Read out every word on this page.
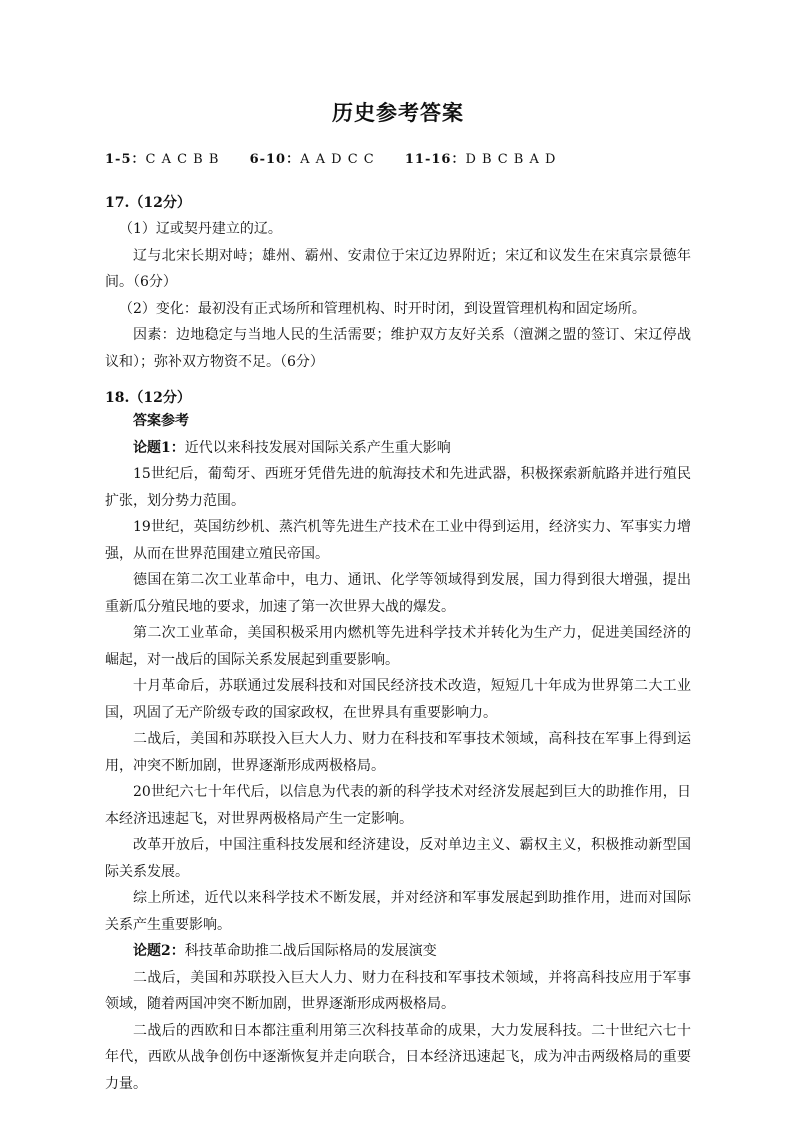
历史参考答案
1-5：C A C B B 6-10：A A D C C 11-16：D B C B A D
17.（12分）

（1）辽或契丹建立的辽。

辽与北宋长期对峙；雄州、霸州、安肃位于宋辽边界附近；宋辽和议发生在宋真宗景德年间。（6分）

（2）变化：最初没有正式场所和管理机构、时开时闭，到设置管理机构和固定场所。

因素：边地稳定与当地人民的生活需要；维护双方友好关系（澶渊之盟的签订、宋辽停战议和）；弥补双方物资不足。（6分）

18.（12分）

答案参考

论题1：近代以来科技发展对国际关系产生重大影响

15世纪后，葡萄牙、西班牙凭借先进的航海技术和先进武器，积极探索新航路并进行殖民扩张，划分势力范围。

19世纪，英国纺纱机、蒸汽机等先进生产技术在工业中得到运用，经济实力、军事实力增强，从而在世界范围建立殖民帝国。

德国在第二次工业革命中，电力、通讯、化学等领域得到发展，国力得到很大增强，提出重新瓜分殖民地的要求，加速了第一次世界大战的爆发。

第二次工业革命，美国积极采用内燃机等先进科学技术并转化为生产力，促进美国经济的崛起，对一战后的国际关系发展起到重要影响。

十月革命后，苏联通过发展科技和对国民经济技术改造，短短几十年成为世界第二大工业国，巩固了无产阶级专政的国家政权，在世界具有重要影响力。

二战后，美国和苏联投入巨大人力、财力在科技和军事技术领域，高科技在军事上得到运用，冲突不断加剧，世界逐渐形成两极格局。

20世纪六七十年代后，以信息为代表的新的科学技术对经济发展起到巨大的助推作用，日本经济迅速起飞，对世界两极格局产生一定影响。

改革开放后，中国注重科技发展和经济建设，反对单边主义、霸权主义，积极推动新型国际关系发展。

综上所述，近代以来科学技术不断发展，并对经济和军事发展起到助推作用，进而对国际关系产生重要影响。

论题2：科技革命助推二战后国际格局的发展演变

二战后，美国和苏联投入巨大人力、财力在科技和军事技术领域，并将高科技应用于军事领域，随着两国冲突不断加剧，世界逐渐形成两极格局。

二战后的西欧和日本都注重利用第三次科技革命的成果，大力发展科技。二十世纪六七十年代，西欧从战争创伤中逐渐恢复并走向联合，日本经济迅速起飞，成为冲击两级格局的重要力量。
